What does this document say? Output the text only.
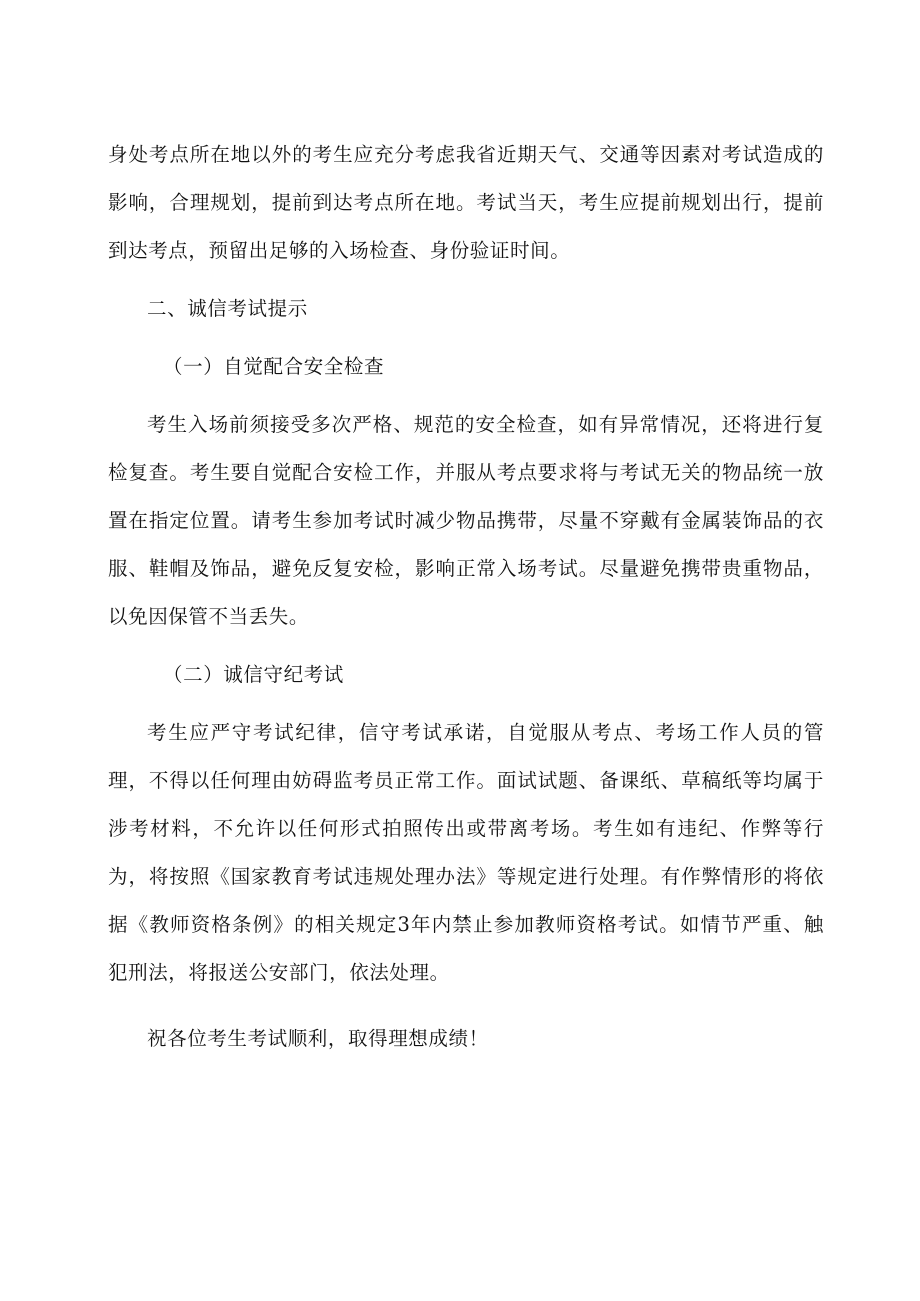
身处考点所在地以外的考生应充分考虑我省近期天气、交通等因素对考试造成的影响，合理规划，提前到达考点所在地。考试当天，考生应提前规划出行，提前到达考点，预留出足够的入场检查、身份验证时间。

二、诚信考试提示

（一）自觉配合安全检查

考生入场前须接受多次严格、规范的安全检查，如有异常情况，还将进行复检复查。考生要自觉配合安检工作，并服从考点要求将与考试无关的物品统一放置在指定位置。请考生参加考试时减少物品携带，尽量不穿戴有金属装饰品的衣服、鞋帽及饰品，避免反复安检，影响正常入场考试。尽量避免携带贵重物品，以免因保管不当丢失。

（二）诚信守纪考试

考生应严守考试纪律，信守考试承诺，自觉服从考点、考场工作人员的管理，不得以任何理由妨碍监考员正常工作。面试试题、备课纸、草稿纸等均属于涉考材料，不允许以任何形式拍照传出或带离考场。考生如有违纪、作弊等行为，将按照《国家教育考试违规处理办法》等规定进行处理。有作弊情形的将依据《教师资格条例》的相关规定3年内禁止参加教师资格考试。如情节严重、触犯刑法，将报送公安部门，依法处理。

祝各位考生考试顺利，取得理想成绩！
